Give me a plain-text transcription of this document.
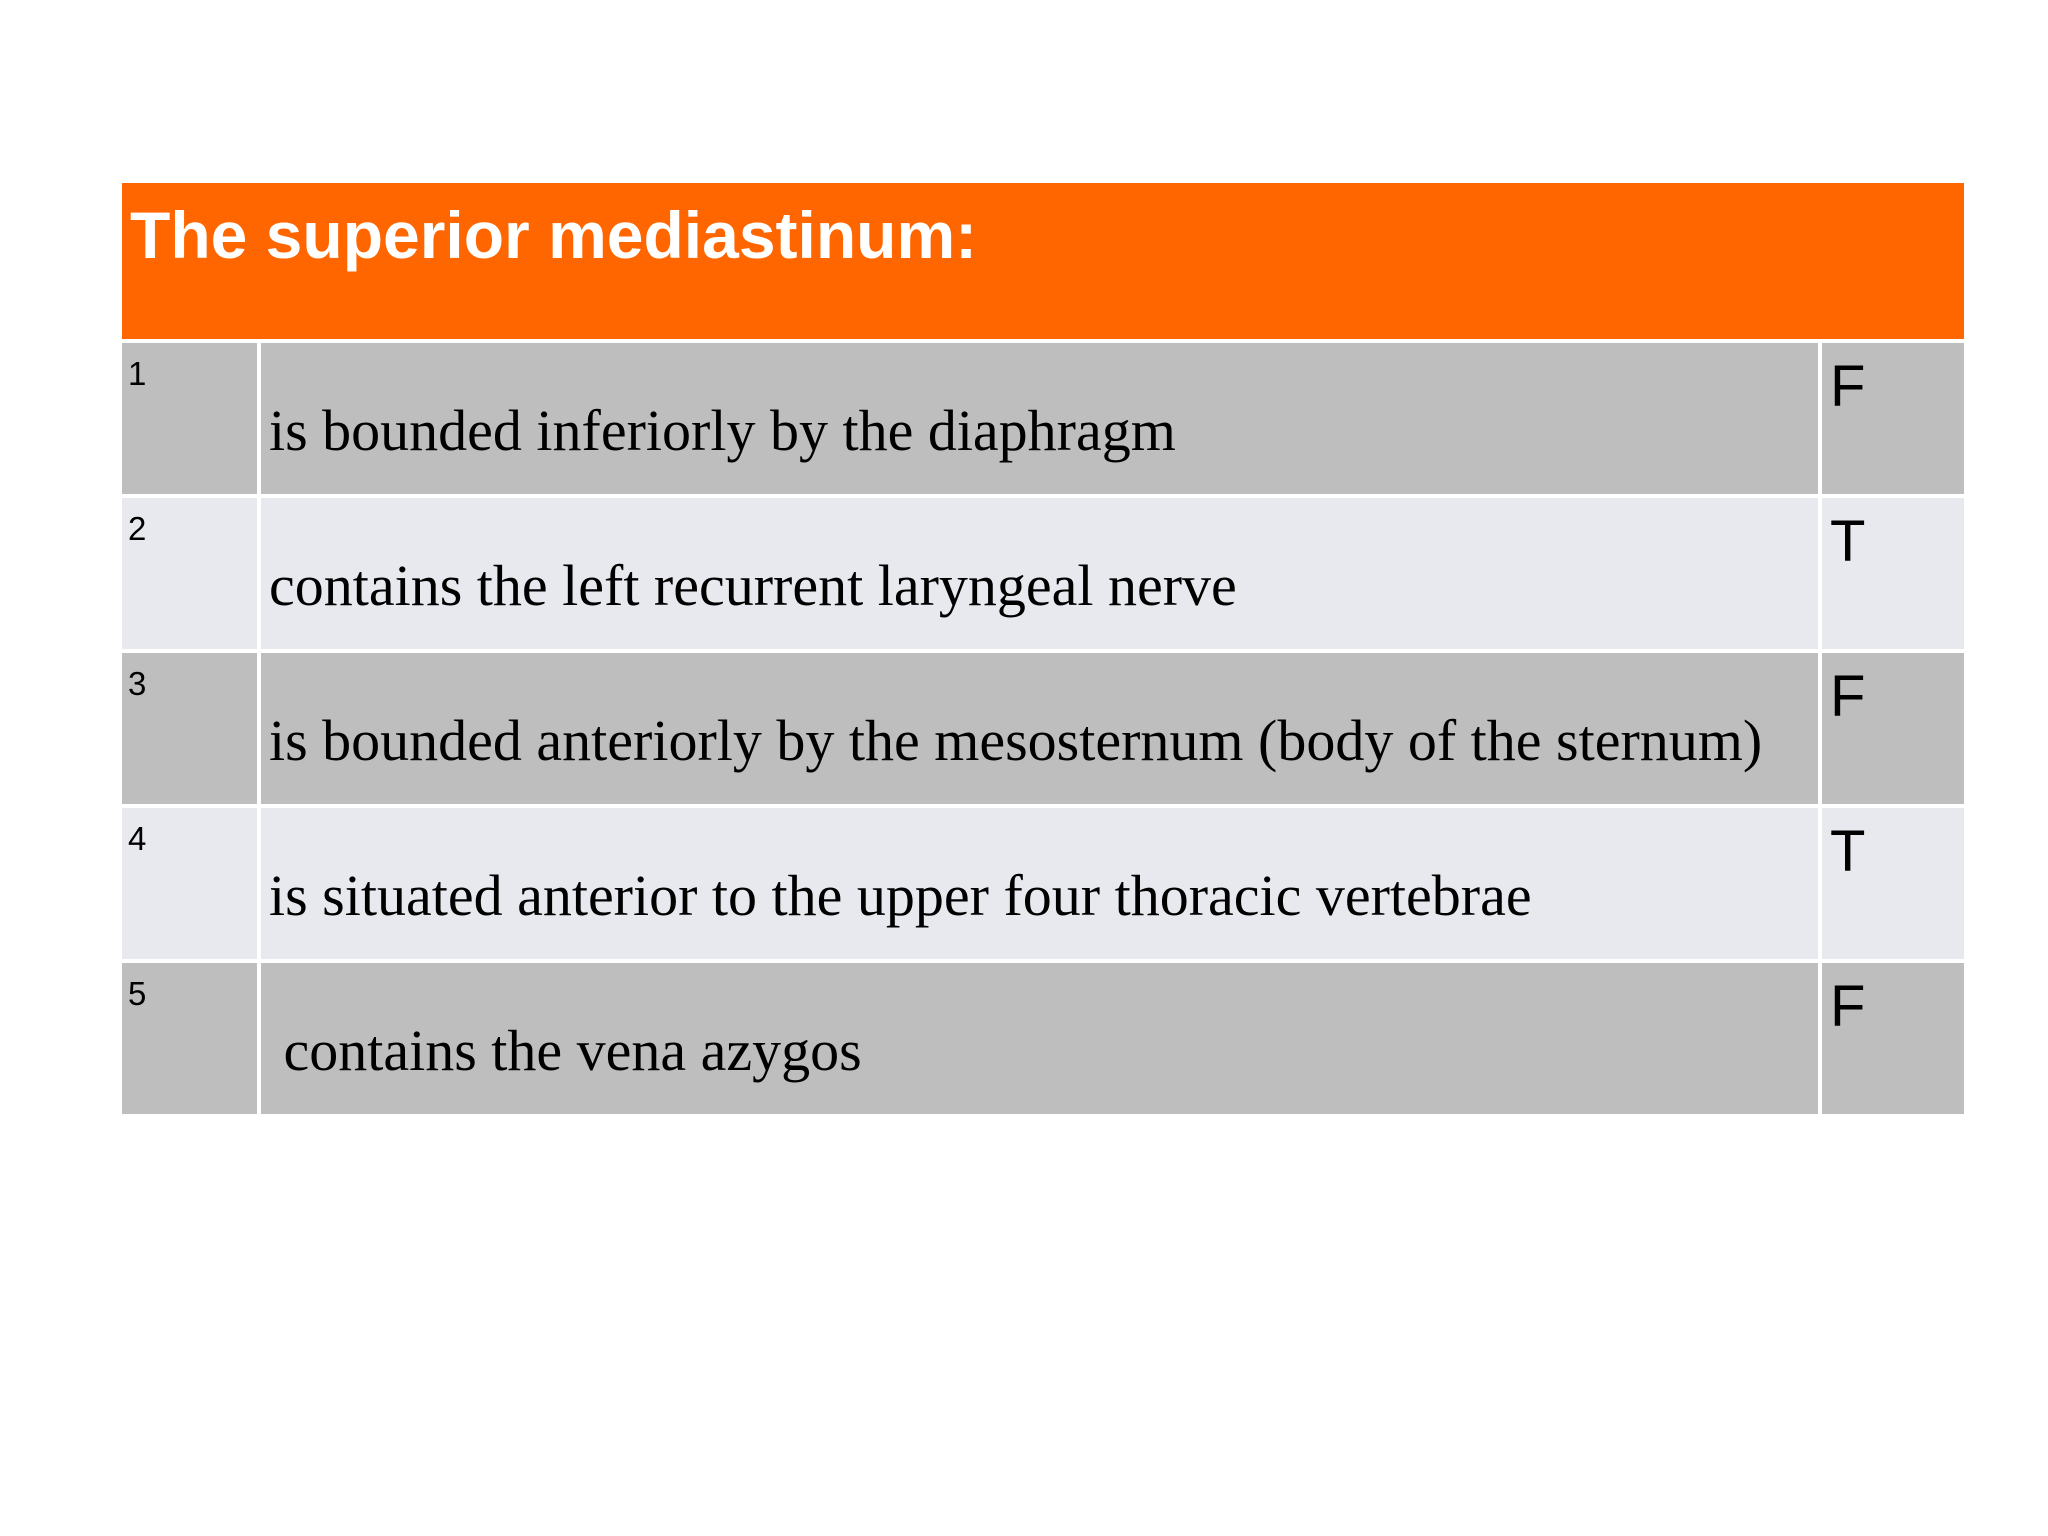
The superior mediastinum:
1
is bounded inferiorly by the diaphragm
F
2
contains the left recurrent laryngeal nerve
T
3
is bounded anteriorly by the mesosternum (body of the sternum)
F
4
is situated anterior to the upper four thoracic vertebrae
T
5
contains the vena azygos
F
